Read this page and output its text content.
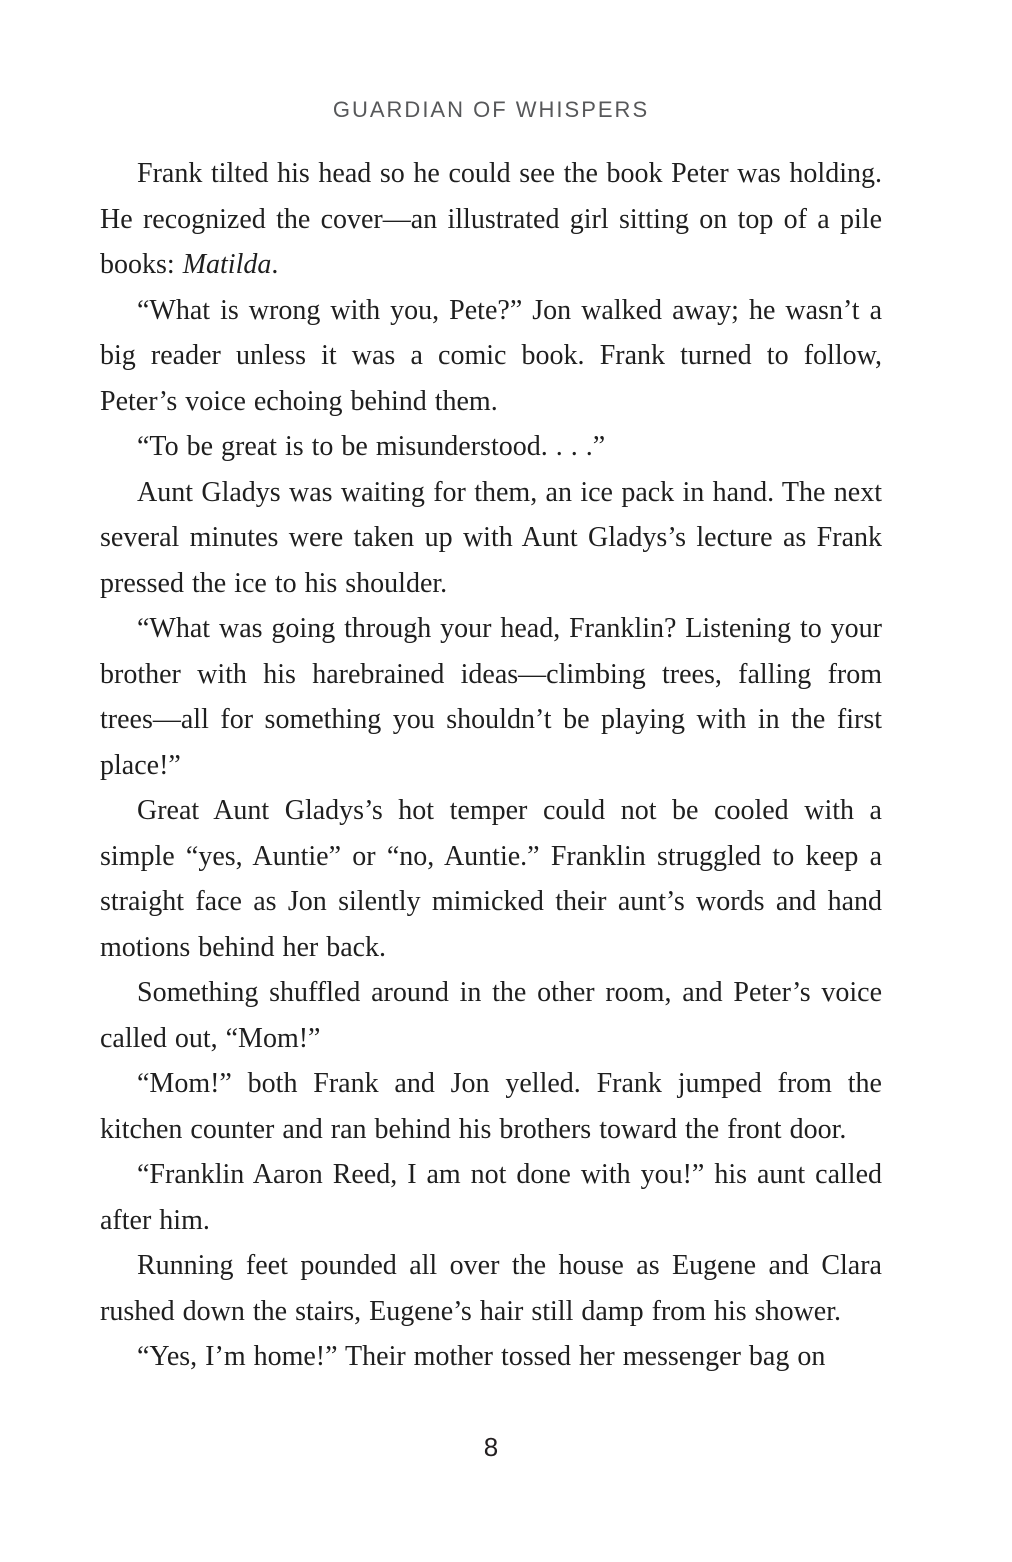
GUARDIAN OF WHISPERS

Frank tilted his head so he could see the book Peter was holding. He recognized the cover—an illustrated girl sitting on top of a pile books: Matilda.

“What is wrong with you, Pete?” Jon walked away; he wasn’t a big reader unless it was a comic book. Frank turned to follow, Peter’s voice echoing behind them.

“To be great is to be misunderstood. . . .”

Aunt Gladys was waiting for them, an ice pack in hand. The next several minutes were taken up with Aunt Gladys’s lecture as Frank pressed the ice to his shoulder.

“What was going through your head, Franklin? Listening to your brother with his harebrained ideas—climbing trees, falling from trees—all for something you shouldn’t be playing with in the first place!”

Great Aunt Gladys’s hot temper could not be cooled with a simple “yes, Auntie” or “no, Auntie.” Franklin struggled to keep a straight face as Jon silently mimicked their aunt’s words and hand motions behind her back.

Something shuffled around in the other room, and Peter’s voice called out, “Mom!”

“Mom!” both Frank and Jon yelled. Frank jumped from the kitchen counter and ran behind his brothers toward the front door.

“Franklin Aaron Reed, I am not done with you!” his aunt called after him.

Running feet pounded all over the house as Eugene and Clara rushed down the stairs, Eugene’s hair still damp from his shower.

“Yes, I’m home!” Their mother tossed her messenger bag on

8
